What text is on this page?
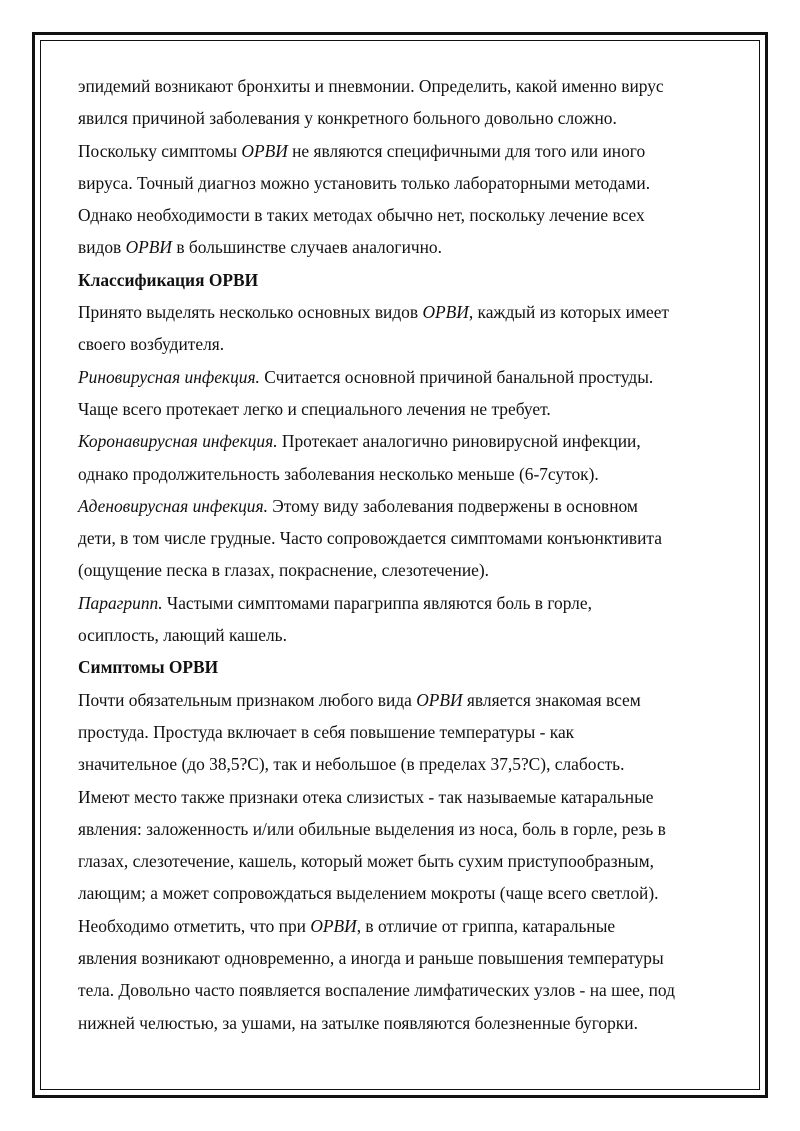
эпидемий возникают бронхиты и пневмонии. Определить, какой именно вирус
явился причиной заболевания у конкретного больного довольно сложно.
Поскольку симптомы ОРВИ не являются специфичными для того или иного
вируса. Точный диагноз можно установить только лабораторными методами.
Однако необходимости в таких методах обычно нет, поскольку лечение всех
видов ОРВИ в большинстве случаев аналогично.
Классификация ОРВИ
Принято выделять несколько основных видов ОРВИ, каждый из которых имеет
своего возбудителя.
Риновирусная инфекция. Считается основной причиной банальной простуды.
Чаще всего протекает легко и специального лечения не требует.
Коронавирусная инфекция. Протекает аналогично риновирусной инфекции,
однако продолжительность заболевания несколько меньше (6-7суток).
Аденовирусная инфекция. Этому виду заболевания подвержены в основном
дети, в том числе грудные. Часто сопровождается симптомами конъюнктивита
(ощущение песка в глазах, покраснение, слезотечение).
Парагрипп. Частыми симптомами парагриппа являются боль в горле,
осиплость, лающий кашель.
Симптомы ОРВИ
Почти обязательным признаком любого вида ОРВИ является знакомая всем
простуда. Простуда включает в себя повышение температуры - как
значительное (до 38,5?С), так и небольшое (в пределах 37,5?С), слабость.
Имеют место также признаки отека слизистых - так называемые катаральные
явления: заложенность и/или обильные выделения из носа, боль в горле, резь в
глазах, слезотечение, кашель, который может быть сухим приступообразным,
лающим; а может сопровождаться выделением мокроты (чаще всего светлой).
Необходимо отметить, что при ОРВИ, в отличие от гриппа, катаральные
явления возникают одновременно, а иногда и раньше повышения температуры
тела. Довольно часто появляется воспаление лимфатических узлов - на шее, под
нижней челюстью, за ушами, на затылке появляются болезненные бугорки.
